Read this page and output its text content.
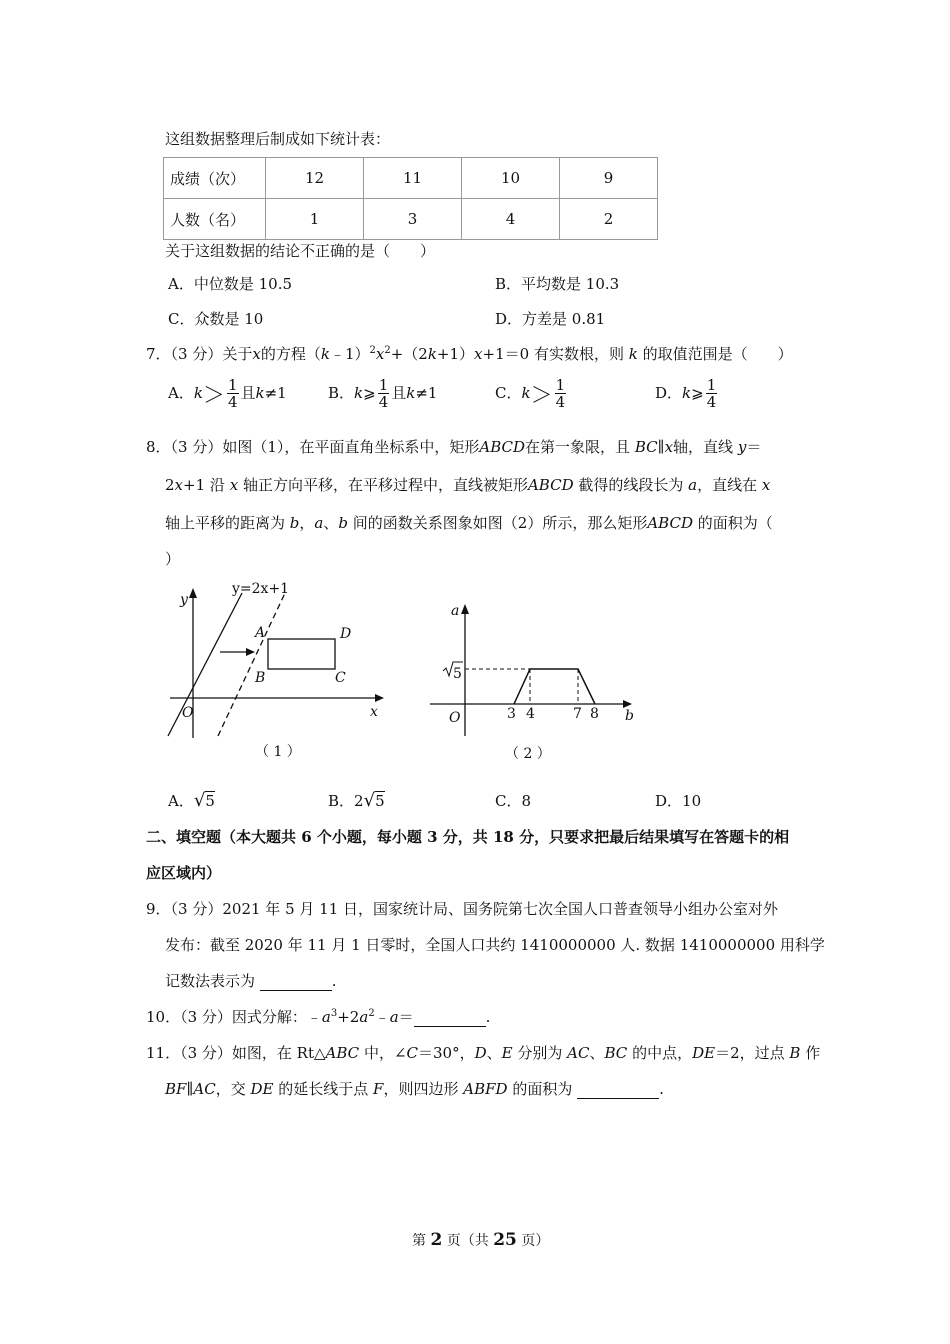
这组数据整理后制成如下统计表：
成绩（次）	12	11	10	9
人数（名）	1	3	4	2
关于这组数据的结论不正确的是（　　）
A．中位数是 10.5	B．平均数是 10.3
C．众数是 10	D．方差是 0.81
7．（3 分）关于x的方程$(k﹣1)^2x^2+(2k+1)x+1=0$ 有实数根，则 k 的取值范围是（　　）
A．$k> \frac{1}{4}$ 且k≠1	B．k⩾ $\frac{1}{4}$ 且k≠1	C．$k> \frac{1}{4}$	D．k⩾ $\frac{1}{4}$
8．（3 分）如图（1），在平面直角坐标系中，矩形ABCD在第一象限，且 BC∥x轴，直线 y＝
2x+1 沿 x 轴正方向平移，在平移过程中，直线被矩形ABCD 截得的线段长为 a，直线在 x
轴上平移的距离为 b，a、b 间的函数关系图象如图（2）所示，那么矩形ABCD 的面积为（
）
y=2x+1
y
x
O
A
B	C
D
（ 1 ）
a
b
O
5
3 4	7 8
（ 2 ）
A．√5	B．2√5	C．8	D．10
二、填空题（本大题共 6 个小题，每小题 3 分，共 18 分，只要求把最后结果填写在答题卡的相
应区域内）
9．（3 分）2021 年 5 月 11 日，国家统计局、国务院第七次全国人口普查领导小组办公室对外
发布：截至 2020 年 11 月 1 日零时，全国人口共约 1410000000 人. 数据 1410000000 用科学
记数法表示为	.
10．（3 分）因式分解：$﹣a^3+2a^2﹣a=$	.
11．（3 分）如图，在 Rt△ABC 中，∠C＝30°，D、E 分别为 AC、BC 的中点，DE＝2，过点 B 作
BF∥AC，交 DE 的延长线于点 F，则四边形 ABFD 的面积为	.
第 2 页（共 25 页）
